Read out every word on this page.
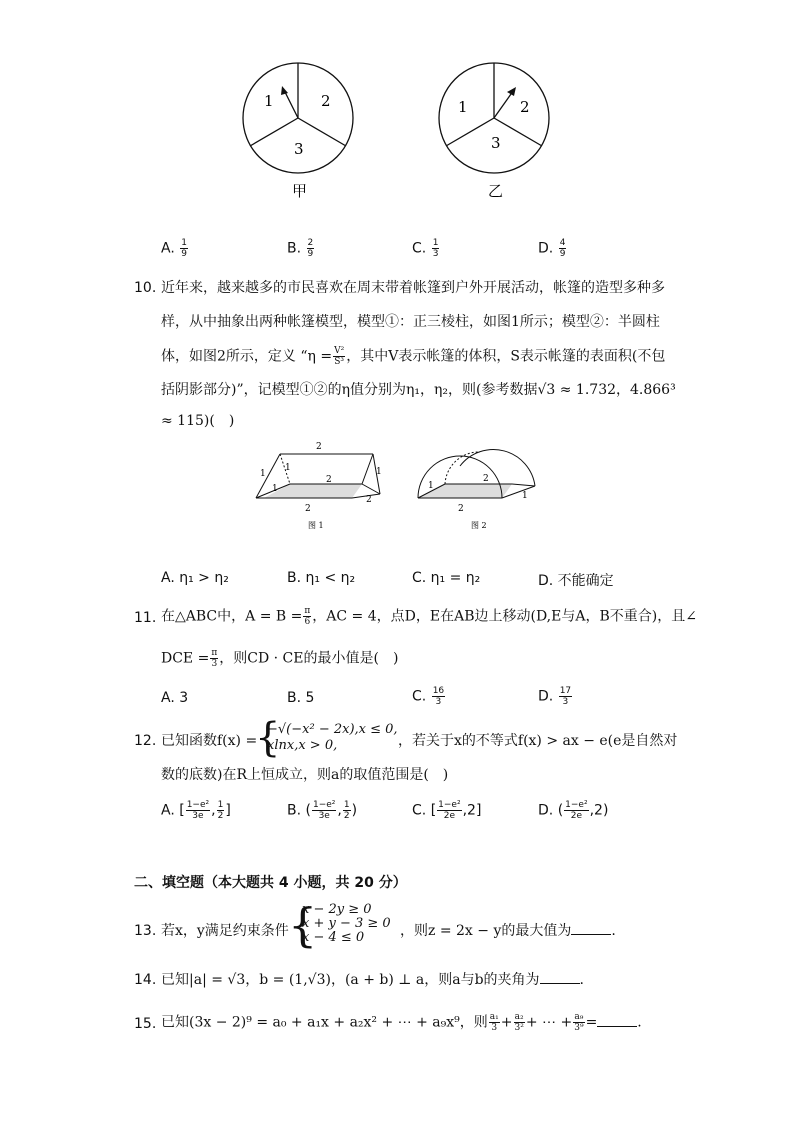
1	2
3
甲
1	2
3
乙
A. $\frac{1}{9}$	B. $\frac{2}{9}$	C. $\frac{1}{3}$	D. $\frac{4}{9}$
10. 近年来，越来越多的市民喜欢在周末带着帐篷到户外开展活动，帐篷的造型多种多
样，从中抽象出两种帐篷模型，模型①：正三棱柱，如图1所示；模型②：半圆柱
体，如图2所示，定义 “$\eta = \frac{\text{V²}}{\text{S³}}$ ，其中V表示帐篷的体积，S表示帐篷的表面积(不包
括阴影部分)”，记模型①②的η值分别为η₁，η₂，则(参考数据√3 ≈ 1.732，4.866³
≈ 115)(　)
2
1
1
1
2
1
2
2
图 1
1
2
2
1
图 2
A. η₁ > η₂	B. η₁ < η₂	C. η₁ = η₂	D. 不能确定
11. 在△ABC中，$A = B = \frac{\pi}{6}$ ，AC = 4，点D，E在AB边上移动(D,E与A，B不重合)，且∠
DCE = $\frac{\pi}{3}$ ，则CD · CE的最小值是(　)
A. 3	B. 5	C. $\frac{16}{3}$	D. $\frac{17}{3}$
12. 已知函数f(x) =
{
−√(−x² − 2x),x ≤ 0,
xlnx,x > 0,	，若关于x的不等式f(x) > ax − e(e是自然对
数的底数)在R上恒成立，则a的取值范围是(　)
A. [ $\frac{\text{1−e²}}{3e}$ , $\frac{1}{2}$ ]	B. ( $\frac{\text{1−e²}}{3e}$ , $\frac{1}{2}$ )	C. [ $\frac{\text{1−e²}}{2e} ,2$]	D. ( $\frac{\text{1−e²}}{2e} ,2$)
二、填空题（本大题共 4 小题，共 20 分）
13. 若x，y满足约束条件 {
x − 2y ≥ 0
x + y − 3 ≥ 0
x − 4 ≤ 0	，则z = 2x − y的最大值为	.
14. 已知|a| = √3，b = (1,√3)，(a + b) ⊥ a，则a与b的夹角为	.
15. 已知(3x − 2)⁹ = a₀ + a₁x + a₂x² + ⋯ + a₉x⁹，则 $\frac{\text{a₁}}{3} + \frac{\text{a₂}}{\text{3²}}$ + ⋯ + $\frac{\text{a₉}}{\text{3⁹}}$ =	.
